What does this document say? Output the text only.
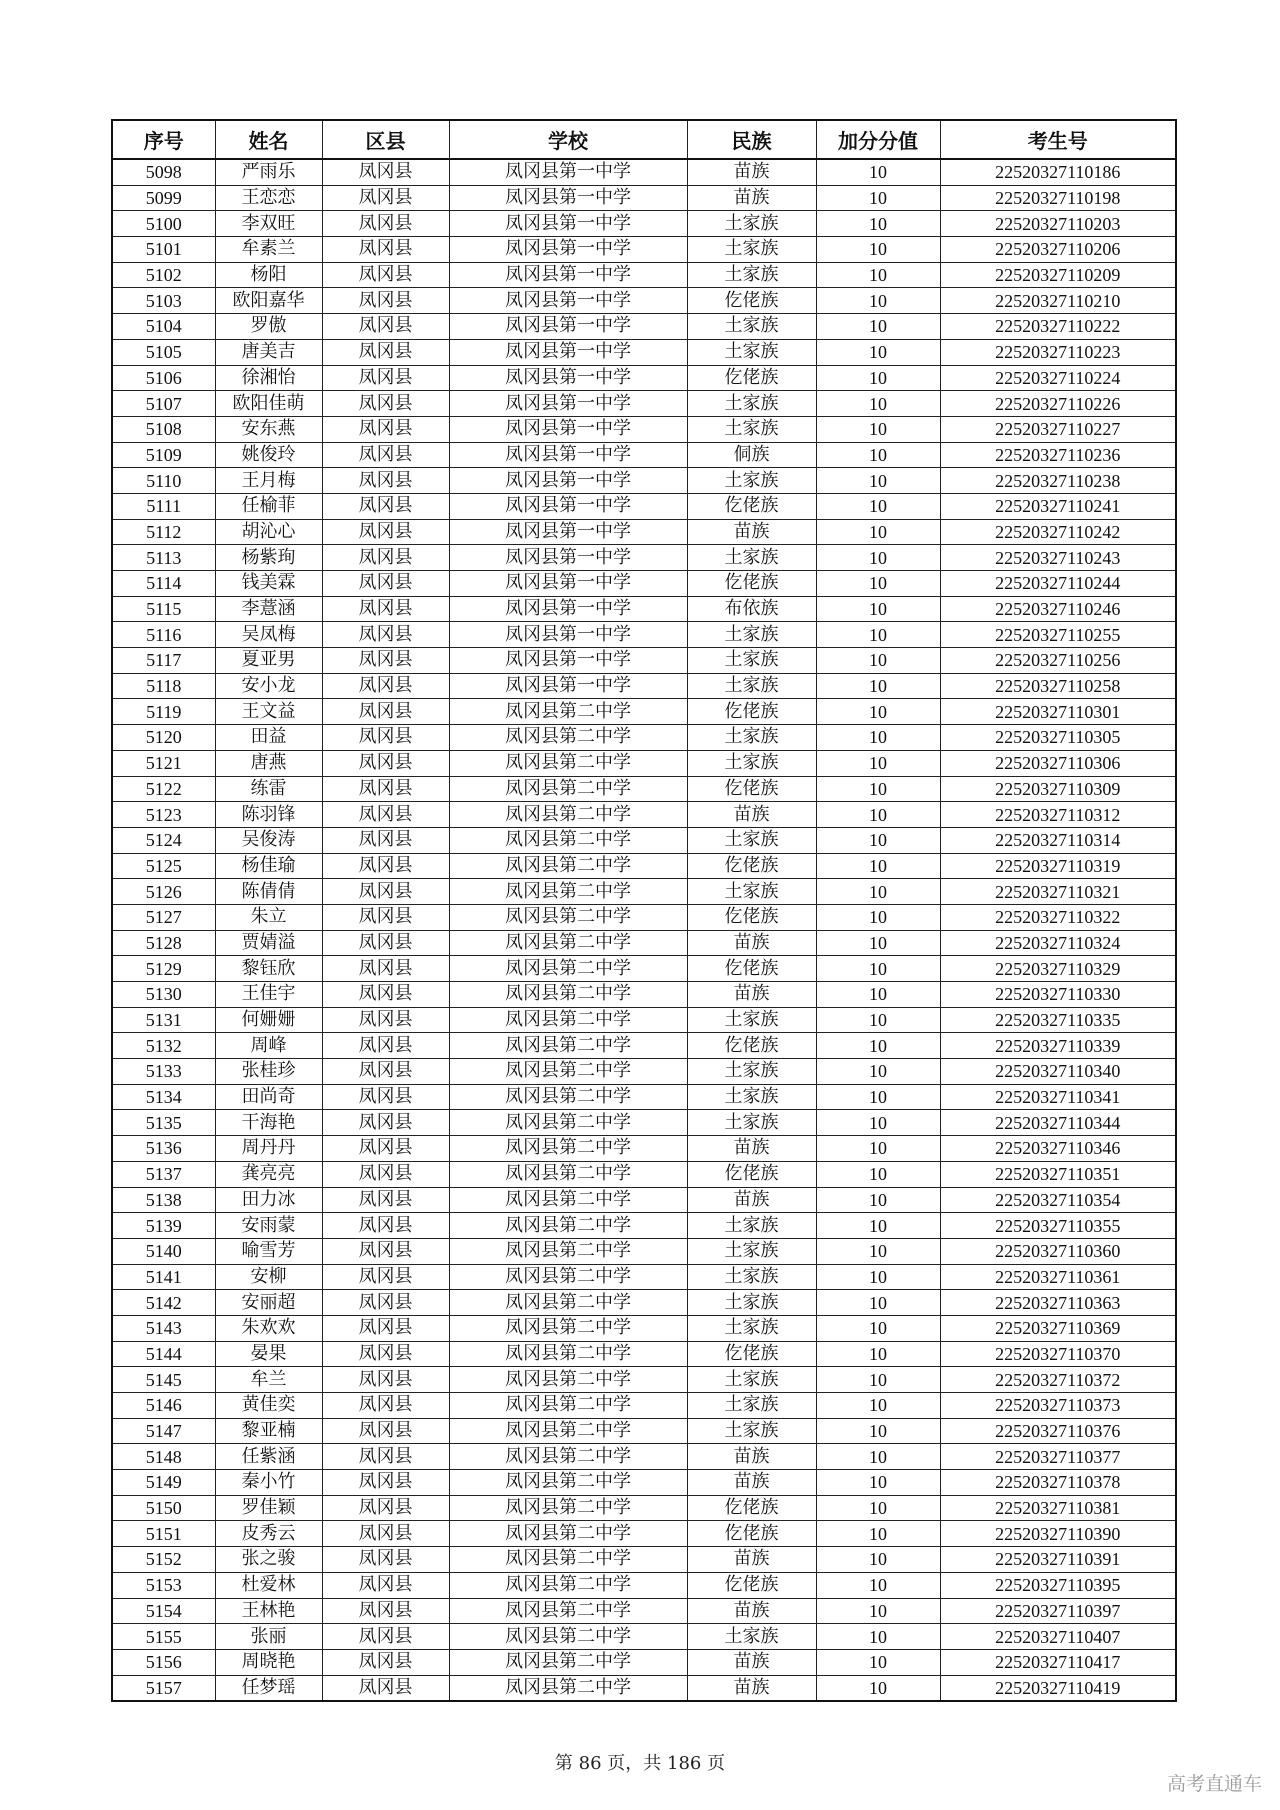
序号	姓名	区县	学校	民族	加分分值	考生号
5098	严雨乐	凤冈县	凤冈县第一中学	苗族	10	22520327110186
5099	王恋恋	凤冈县	凤冈县第一中学	苗族	10	22520327110198
5100	李双旺	凤冈县	凤冈县第一中学	土家族	10	22520327110203
5101	牟素兰	凤冈县	凤冈县第一中学	土家族	10	22520327110206
5102	杨阳	凤冈县	凤冈县第一中学	土家族	10	22520327110209
5103	欧阳嘉华	凤冈县	凤冈县第一中学	仡佬族	10	22520327110210
5104	罗傲	凤冈县	凤冈县第一中学	土家族	10	22520327110222
5105	唐美吉	凤冈县	凤冈县第一中学	土家族	10	22520327110223
5106	徐湘怡	凤冈县	凤冈县第一中学	仡佬族	10	22520327110224
5107	欧阳佳萌	凤冈县	凤冈县第一中学	土家族	10	22520327110226
5108	安东燕	凤冈县	凤冈县第一中学	土家族	10	22520327110227
5109	姚俊玲	凤冈县	凤冈县第一中学	侗族	10	22520327110236
5110	王月梅	凤冈县	凤冈县第一中学	土家族	10	22520327110238
5111	任榆菲	凤冈县	凤冈县第一中学	仡佬族	10	22520327110241
5112	胡沁心	凤冈县	凤冈县第一中学	苗族	10	22520327110242
5113	杨紫珣	凤冈县	凤冈县第一中学	土家族	10	22520327110243
5114	钱美霖	凤冈县	凤冈县第一中学	仡佬族	10	22520327110244
5115	李薏涵	凤冈县	凤冈县第一中学	布依族	10	22520327110246
5116	吴凤梅	凤冈县	凤冈县第一中学	土家族	10	22520327110255
5117	夏亚男	凤冈县	凤冈县第一中学	土家族	10	22520327110256
5118	安小龙	凤冈县	凤冈县第一中学	土家族	10	22520327110258
5119	王文益	凤冈县	凤冈县第二中学	仡佬族	10	22520327110301
5120	田益	凤冈县	凤冈县第二中学	土家族	10	22520327110305
5121	唐燕	凤冈县	凤冈县第二中学	土家族	10	22520327110306
5122	练雷	凤冈县	凤冈县第二中学	仡佬族	10	22520327110309
5123	陈羽锋	凤冈县	凤冈县第二中学	苗族	10	22520327110312
5124	吴俊涛	凤冈县	凤冈县第二中学	土家族	10	22520327110314
5125	杨佳瑜	凤冈县	凤冈县第二中学	仡佬族	10	22520327110319
5126	陈倩倩	凤冈县	凤冈县第二中学	土家族	10	22520327110321
5127	朱立	凤冈县	凤冈县第二中学	仡佬族	10	22520327110322
5128	贾婧溢	凤冈县	凤冈县第二中学	苗族	10	22520327110324
5129	黎钰欣	凤冈县	凤冈县第二中学	仡佬族	10	22520327110329
5130	王佳宇	凤冈县	凤冈县第二中学	苗族	10	22520327110330
5131	何姗姗	凤冈县	凤冈县第二中学	土家族	10	22520327110335
5132	周峰	凤冈县	凤冈县第二中学	仡佬族	10	22520327110339
5133	张桂珍	凤冈县	凤冈县第二中学	土家族	10	22520327110340
5134	田尚奇	凤冈县	凤冈县第二中学	土家族	10	22520327110341
5135	干海艳	凤冈县	凤冈县第二中学	土家族	10	22520327110344
5136	周丹丹	凤冈县	凤冈县第二中学	苗族	10	22520327110346
5137	龚亮亮	凤冈县	凤冈县第二中学	仡佬族	10	22520327110351
5138	田力冰	凤冈县	凤冈县第二中学	苗族	10	22520327110354
5139	安雨蒙	凤冈县	凤冈县第二中学	土家族	10	22520327110355
5140	喻雪芳	凤冈县	凤冈县第二中学	土家族	10	22520327110360
5141	安柳	凤冈县	凤冈县第二中学	土家族	10	22520327110361
5142	安丽超	凤冈县	凤冈县第二中学	土家族	10	22520327110363
5143	朱欢欢	凤冈县	凤冈县第二中学	土家族	10	22520327110369
5144	晏果	凤冈县	凤冈县第二中学	仡佬族	10	22520327110370
5145	牟兰	凤冈县	凤冈县第二中学	土家族	10	22520327110372
5146	黄佳奕	凤冈县	凤冈县第二中学	土家族	10	22520327110373
5147	黎亚楠	凤冈县	凤冈县第二中学	土家族	10	22520327110376
5148	任紫涵	凤冈县	凤冈县第二中学	苗族	10	22520327110377
5149	秦小竹	凤冈县	凤冈县第二中学	苗族	10	22520327110378
5150	罗佳颖	凤冈县	凤冈县第二中学	仡佬族	10	22520327110381
5151	皮秀云	凤冈县	凤冈县第二中学	仡佬族	10	22520327110390
5152	张之骏	凤冈县	凤冈县第二中学	苗族	10	22520327110391
5153	杜爱林	凤冈县	凤冈县第二中学	仡佬族	10	22520327110395
5154	王林艳	凤冈县	凤冈县第二中学	苗族	10	22520327110397
5155	张丽	凤冈县	凤冈县第二中学	土家族	10	22520327110407
5156	周晓艳	凤冈县	凤冈县第二中学	苗族	10	22520327110417
5157	任梦瑶	凤冈县	凤冈县第二中学	苗族	10	22520327110419
第 86 页，共 186 页
高考直通车
